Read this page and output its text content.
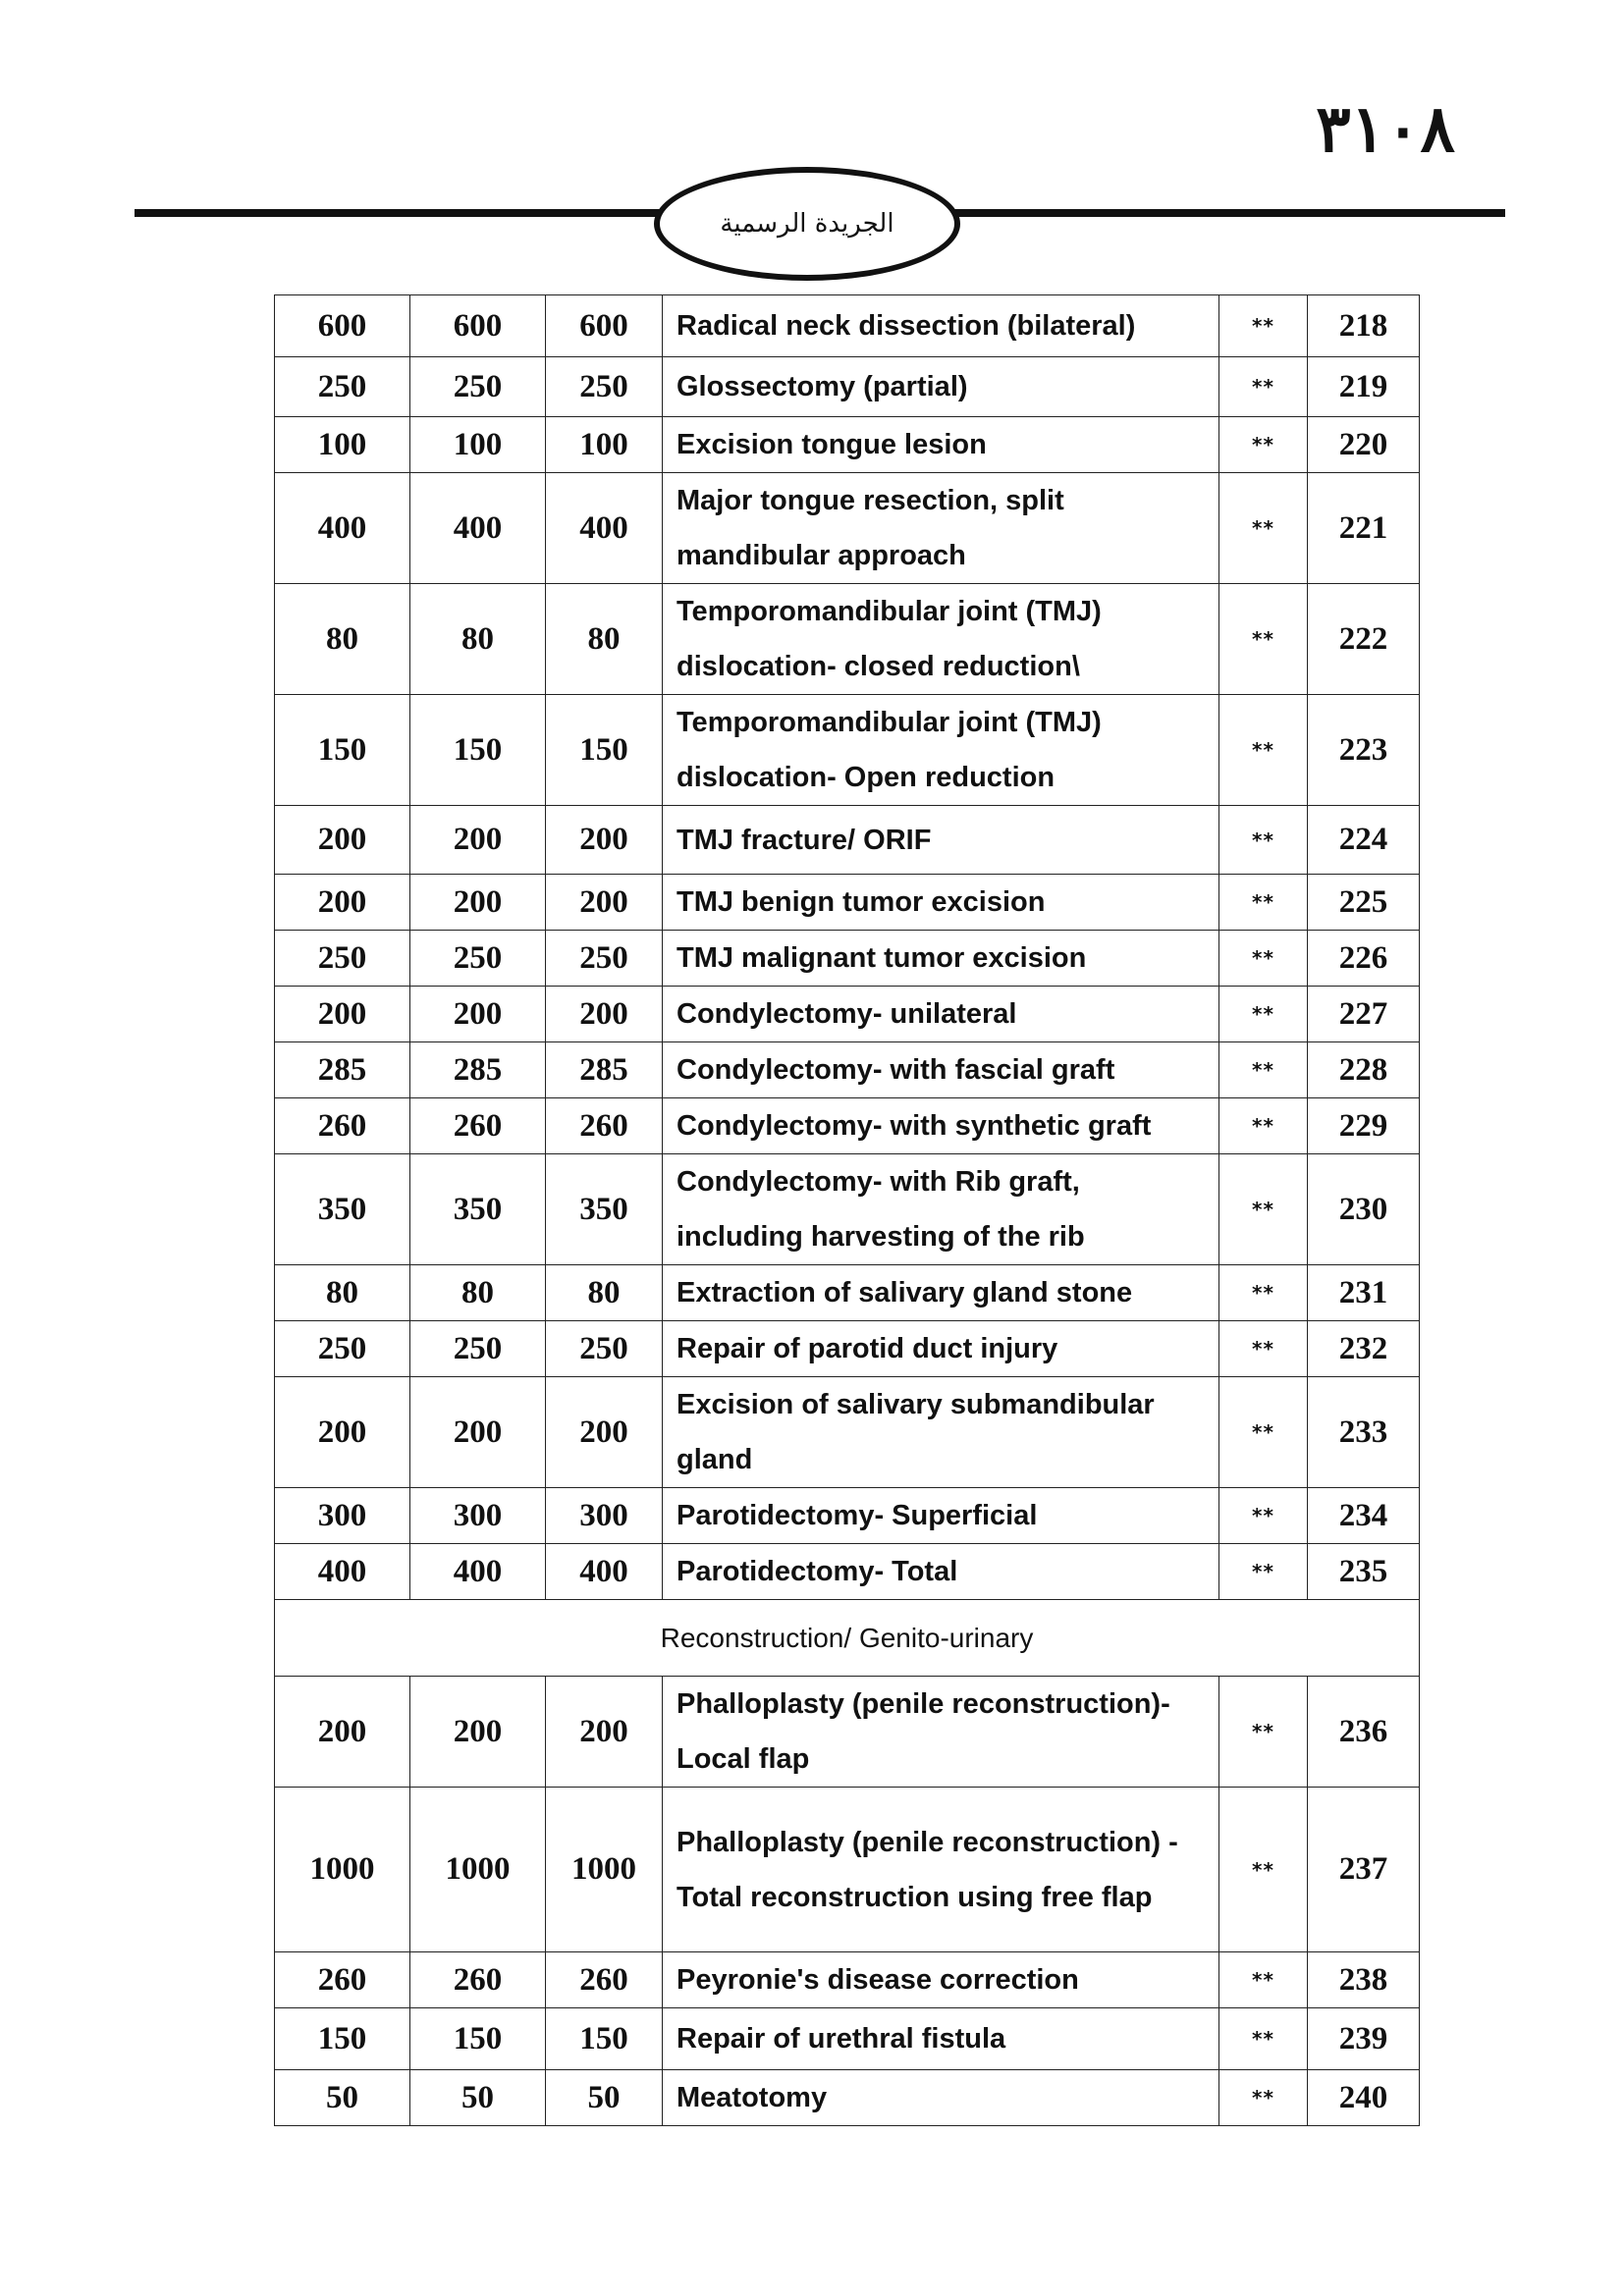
٣١٠٨
الجريدة الرسمية
600	600	600	Radical neck dissection (bilateral)	**	218
250	250	250	Glossectomy (partial)	**	219
100	100	100	Excision tongue lesion	**	220
400	400	400	Major tongue resection, split mandibular approach	**	221
80	80	80	Temporomandibular joint (TMJ) dislocation- closed reduction\	**	222
150	150	150	Temporomandibular joint (TMJ) dislocation- Open reduction	**	223
200	200	200	TMJ fracture/ ORIF	**	224
200	200	200	TMJ benign tumor excision	**	225
250	250	250	TMJ malignant tumor excision	**	226
200	200	200	Condylectomy- unilateral	**	227
285	285	285	Condylectomy- with fascial graft	**	228
260	260	260	Condylectomy- with synthetic graft	**	229
350	350	350	Condylectomy- with Rib graft, including harvesting of the rib	**	230
80	80	80	Extraction of salivary gland stone	**	231
250	250	250	Repair of parotid duct injury	**	232
200	200	200	Excision of salivary submandibular gland	**	233
300	300	300	Parotidectomy- Superficial	**	234
400	400	400	Parotidectomy- Total	**	235
Reconstruction/ Genito-urinary					
200	200	200	Phalloplasty (penile reconstruction)- Local flap	**	236
1000	1000	1000	Phalloplasty (penile reconstruction) - Total reconstruction using free flap	**	237
260	260	260	Peyronie's disease correction	**	238
150	150	150	Repair of urethral fistula	**	239
50	50	50	Meatotomy	**	240
